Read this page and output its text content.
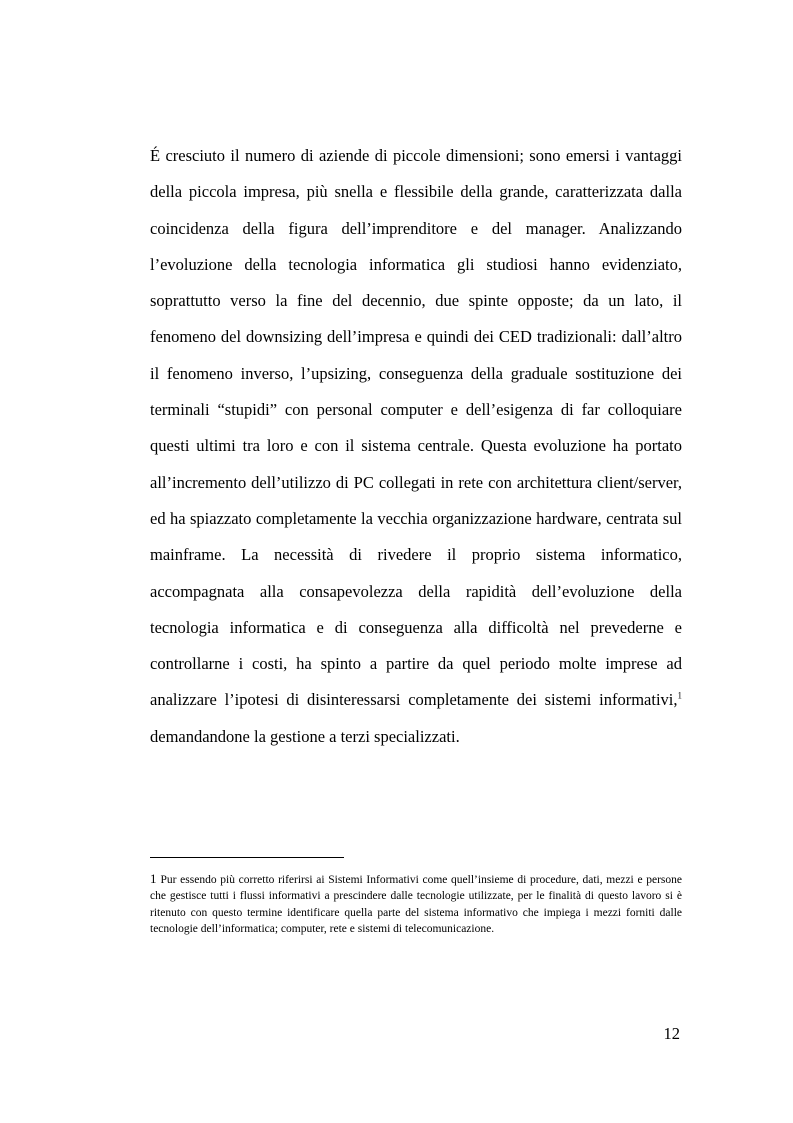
É cresciuto il numero di aziende di piccole dimensioni; sono emersi i vantaggi della piccola impresa, più snella e flessibile della grande, caratterizzata dalla coincidenza della figura dell’imprenditore e del manager. Analizzando l’evoluzione della tecnologia informatica gli studiosi hanno evidenziato, soprattutto verso la fine del decennio, due spinte opposte; da un lato, il fenomeno del downsizing dell’impresa e quindi dei CED tradizionali: dall’altro il fenomeno inverso, l’upsizing, conseguenza della graduale sostituzione dei terminali “stupidi” con personal computer e dell’esigenza di far colloquiare questi ultimi tra loro e con il sistema centrale. Questa evoluzione ha portato all’incremento dell’utilizzo di PC collegati in rete con architettura client/server, ed ha spiazzato completamente la vecchia organizzazione hardware, centrata sul mainframe. La necessità di rivedere il proprio sistema informatico, accompagnata alla consapevolezza della rapidità dell’evoluzione della tecnologia informatica e di conseguenza alla difficoltà nel prevederne e controllarne i costi, ha spinto a partire da quel periodo molte imprese ad analizzare l’ipotesi di disinteressarsi completamente dei sistemi informativi,$^1$ demandandone la gestione a terzi specializzati.

1 Pur essendo più corretto riferirsi ai Sistemi Informativi come quell’insieme di procedure, dati, mezzi e persone che gestisce tutti i flussi informativi a prescindere dalle tecnologie utilizzate, per le finalità di questo lavoro si è ritenuto con questo termine identificare quella parte del sistema informativo che impiega i mezzi forniti dalle tecnologie dell’informatica; computer, rete e sistemi di telecomunicazione.

12
